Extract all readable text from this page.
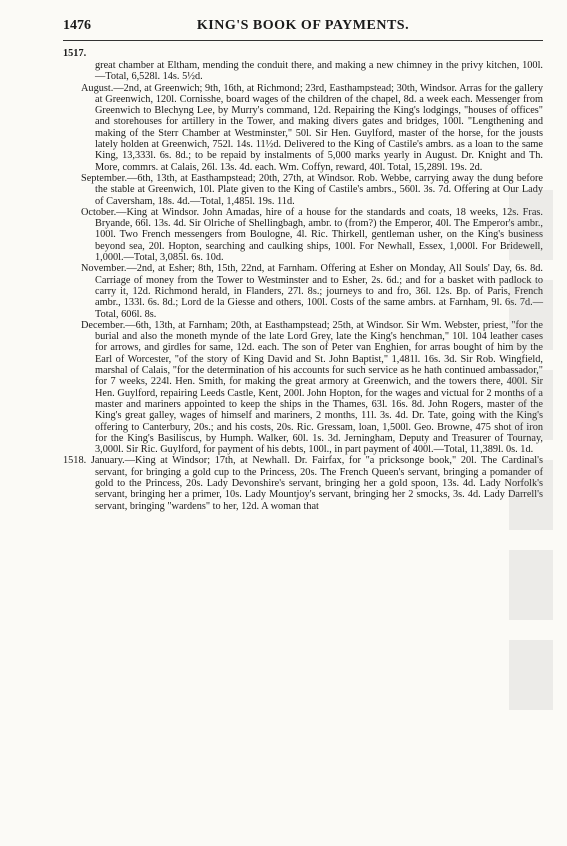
1476	KING'S BOOK OF PAYMENTS.
1517.

great chamber at Eltham, mending the conduit there, and making a new chimney in the privy kitchen, 100l.—Total, 6,528l. 14s. 5½d.

August.—2nd, at Greenwich; 9th, 16th, at Richmond; 23rd, Easthampstead; 30th, Windsor. Arras for the gallery at Greenwich, 120l. Cornisshe, board wages of the children of the chapel, 8d. a week each. Messenger from Greenwich to Blechyng Lee, by Murry's command, 12d. Repairing the King's lodgings, "houses of offices" and storehouses for artillery in the Tower, and making divers gates and bridges, 100l. "Lengthening and making of the Sterr Chamber at Westminster," 50l. Sir Hen. Guylford, master of the horse, for the jousts lately holden at Greenwich, 752l. 14s. 11½d. Delivered to the King of Castile's ambrs. as a loan to the same King, 13,333l. 6s. 8d.; to be repaid by instalments of 5,000 marks yearly in August. Dr. Knight and Th. More, commrs. at Calais, 26l. 13s. 4d. each. Wm. Coffyn, reward, 40l. Total, 15,289l. 19s. 2d.

September.—6th, 13th, at Easthampstead; 20th, 27th, at Windsor. Rob. Webbe, carrying away the dung before the stable at Greenwich, 10l. Plate given to the King of Castile's ambrs., 560l. 3s. 7d. Offering at Our Lady of Caversham, 18s. 4d.—Total, 1,485l. 19s. 11d.

October.—King at Windsor. John Amadas, hire of a house for the standards and coats, 18 weeks, 12s. Fras. Bryande, 66l. 13s. 4d. Sir Olriche of Shellingbagh, ambr. to (from?) the Emperor, 40l. The Emperor's ambr., 100l. Two French messengers from Boulogne, 4l. Ric. Thirkell, gentleman usher, on the King's business beyond sea, 20l. Hopton, searching and caulking ships, 100l. For Newhall, Essex, 1,000l. For Bridewell, 1,000l.—Total, 3,085l. 6s. 10d.

November.—2nd, at Esher; 8th, 15th, 22nd, at Farnham. Offering at Esher on Monday, All Souls' Day, 6s. 8d. Carriage of money from the Tower to Westminster and to Esher, 2s. 6d.; and for a basket with padlock to carry it, 12d. Richmond herald, in Flanders, 27l. 8s.; journeys to and fro, 36l. 12s. Bp. of Paris, French ambr., 133l. 6s. 8d.; Lord de la Giesse and others, 100l. Costs of the same ambrs. at Farnham, 9l. 6s. 7d.—Total, 606l. 8s.

December.—6th, 13th, at Farnham; 20th, at Easthampstead; 25th, at Windsor. Sir Wm. Webster, priest, "for the burial and also the moneth mynde of the late Lord Grey, late the King's henchman," 10l. 104 leather cases for arrows, and girdles for same, 12d. each. The son of Peter van Enghien, for arras bought of him by the Earl of Worcester, "of the story of King David and St. John Baptist," 1,481l. 16s. 3d. Sir Rob. Wingfield, marshal of Calais, "for the determination of his accounts for such service as he hath continued ambassador," for 7 weeks, 224l. Hen. Smith, for making the great armory at Greenwich, and the towers there, 400l. Sir Hen. Guylford, repairing Leeds Castle, Kent, 200l. John Hopton, for the wages and victual for 2 months of a master and mariners appointed to keep the ships in the Thames, 63l. 16s. 8d. John Rogers, master of the King's great galley, wages of himself and mariners, 2 months, 11l. 3s. 4d. Dr. Tate, going with the King's offering to Canterbury, 20s.; and his costs, 20s. Ric. Gressam, loan, 1,500l. Geo. Browne, 475 shot of iron for the King's Basiliscus, by Humph. Walker, 60l. 1s. 3d. Jerningham, Deputy and Treasurer of Tournay, 3,000l. Sir Ric. Guylford, for payment of his debts, 100l., in part payment of 400l.—Total, 11,389l. 0s. 1d.

1518. January.—King at Windsor; 17th, at Newhall. Dr. Fairfax, for "a pricksonge book," 20l. The Cardinal's servant, for bringing a gold cup to the Princess, 20s. The French Queen's servant, bringing a pomander of gold to the Princess, 20s. Lady Devonshire's servant, bringing her a gold spoon, 13s. 4d. Lady Norfolk's servant, bringing her a primer, 10s. Lady Mountjoy's servant, bringing her 2 smocks, 3s. 4d. Lady Darrell's servant, bringing "wardens" to her, 12d. A woman that
